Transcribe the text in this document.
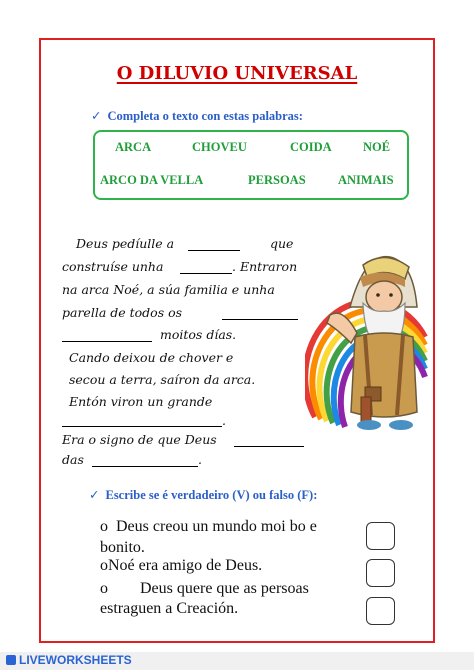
O DILUVIO UNIVERSAL
✓ Completa o texto con estas palabras:
ARCA	CHOVEU	COIDA	NOÉ
ARCO DA VELLA	PERSOAS	ANIMAIS
Deus pedíulle a	que
construíse unha	. Entraron
na arca Noé, a súa familia e unha
parella de todos os
moitos días.
Cando deixou de chover e
secou a terra, saíron da arca.
Entón viron un grande
.
Era o signo de que Deus
das	.
✓ Escribe se é verdadeiro (V) ou falso (F):
o Deus creou un mundo moi bo e
bonito.
oNoé era amigo de Deus.
o Deus quere que as persoas
estraguen a Creación.
LIVEWORKSHEETS
